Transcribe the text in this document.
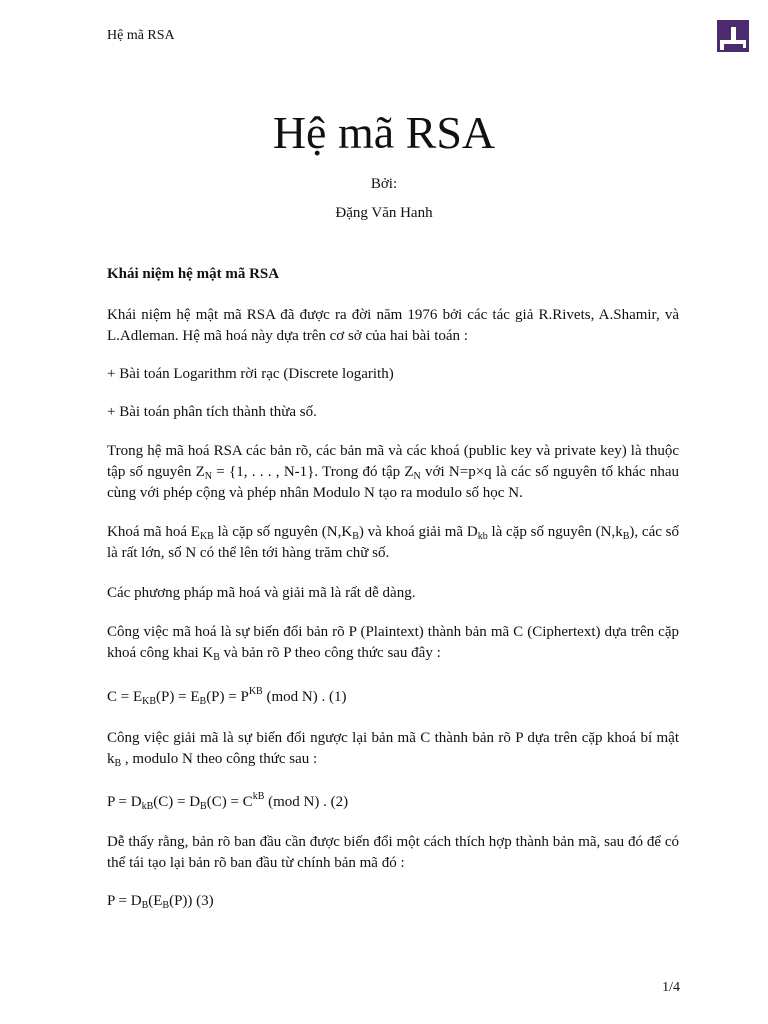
Hệ mã RSA
Hệ mã RSA
Bởi:
Đặng Văn Hanh
Khái niệm hệ mật mã RSA
Khái niệm hệ mật mã RSA đã được ra đời năm 1976 bởi các tác giả R.Rivets, A.Shamir, và L.Adleman. Hệ mã hoá này dựa trên cơ sở của hai bài toán :
+ Bài toán Logarithm rời rạc (Discrete logarith)
+ Bài toán phân tích thành thừa số.
Trong hệ mã hoá RSA các bản rõ, các bản mã và các khoá (public key và private key) là thuộc tập số nguyên $Z_N = \{1$, . . . , N-1}. Trong đó tập $Z_N$ với N=p×q là các số nguyên tố khác nhau cùng với phép cộng và phép nhân Modulo N tạo ra modulo số học N.
Khoá mã hoá $E_{KB}$ là cặp số nguyên $(N,K_B)$ và khoá giải mã $D_{kb}$ là cặp số nguyên $(N,k_B)$, các số là rất lớn, số N có thể lên tới hàng trăm chữ số.
Các phương pháp mã hoá và giải mã là rất dễ dàng.
Công việc mã hoá là sự biến đổi bản rõ P (Plaintext) thành bản mã C (Ciphertext) dựa trên cặp khoá công khai $K_B$ và bản rõ P theo công thức sau đây :
$C = E_{KB}(P) = E_B(P) = P^{KB}$ (mod N) . (1)
Công việc giải mã là sự biến đổi ngược lại bản mã C thành bản rõ P dựa trên cặp khoá bí mật $k_B$ , modulo N theo công thức sau :
$P = D_{kB}(C) = D_B(C) = C^{kB}$ (mod N) . (2)
Dễ thấy rằng, bản rõ ban đầu cần được biến đổi một cách thích hợp thành bản mã, sau đó để có thể tái tạo lại bản rõ ban đầu từ chính bản mã đó :
$P = D_B(E_B(P))$ (3)
1/4
